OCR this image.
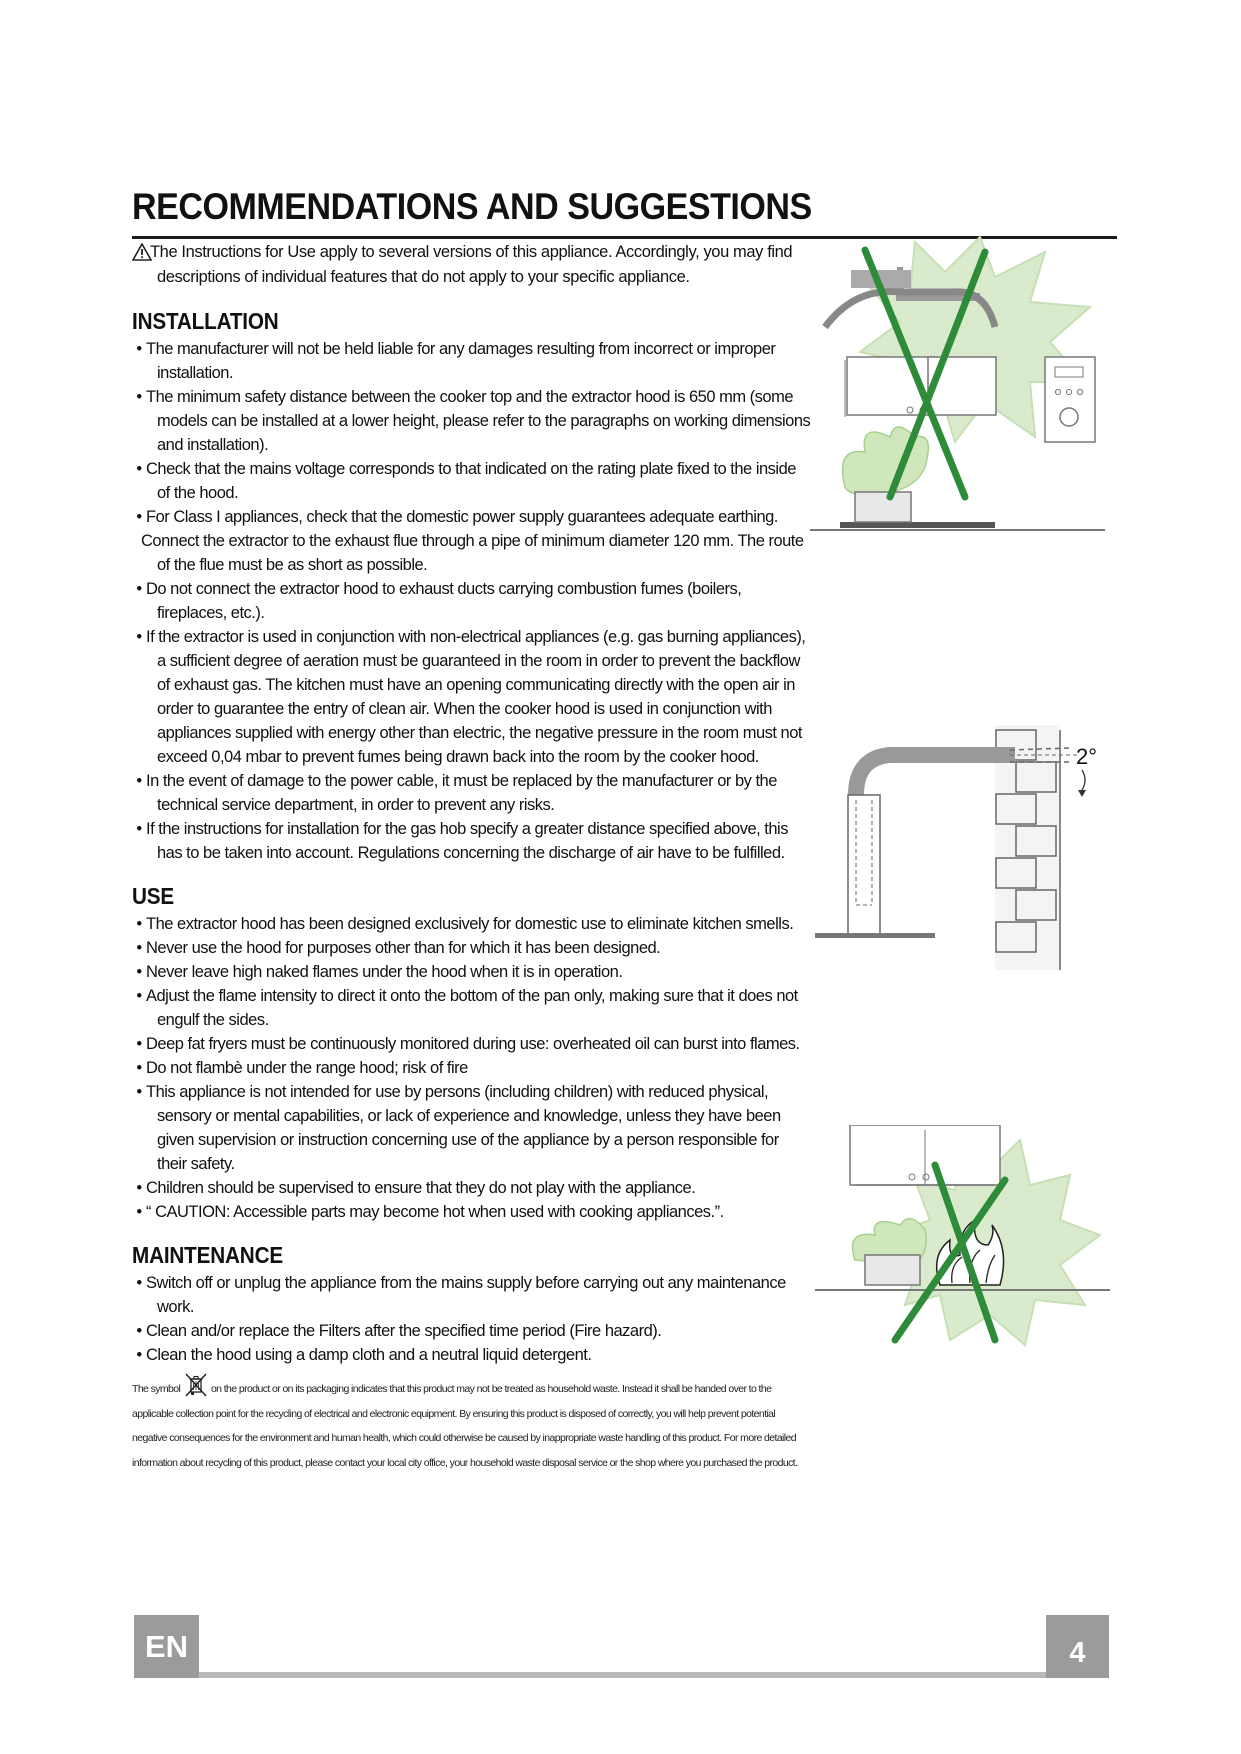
RECOMMENDATIONS AND SUGGESTIONS

The Instructions for Use apply to several versions of this appliance. Accordingly, you may find
descriptions of individual features that do not apply to your specific appliance.

INSTALLATION
• The manufacturer will not be held liable for any damages resulting from incorrect or improper installation.
• The minimum safety distance between the cooker top and the extractor hood is 650 mm (some models can be installed at a lower height, please refer to the paragraphs on working dimensions and installation).
• Check that the mains voltage corresponds to that indicated on the rating plate fixed to the inside of the hood.
• For Class I appliances, check that the domestic power supply guarantees adequate earthing.
Connect the extractor to the exhaust flue through a pipe of minimum diameter 120 mm. The route of the flue must be as short as possible.
• Do not connect the extractor hood to exhaust ducts carrying combustion fumes (boilers, fireplaces, etc.).
• If the extractor is used in conjunction with non-electrical appliances (e.g. gas burning appliances), a sufficient degree of aeration must be guaranteed in the room in order to prevent the backflow of exhaust gas. The kitchen must have an opening communicating directly with the open air in order to guarantee the entry of clean air. When the cooker hood is used in conjunction with appliances supplied with energy other than electric, the negative pressure in the room must not exceed 0,04 mbar to prevent fumes being drawn back into the room by the cooker hood.
• In the event of damage to the power cable, it must be replaced by the manufacturer or by the technical service department, in order to prevent any risks.
• If the instructions for installation for the gas hob specify a greater distance specified above, this has to be taken into account. Regulations concerning the discharge of air have to be fulfilled.
USE
• The extractor hood has been designed exclusively for domestic use to eliminate kitchen smells.
• Never use the hood for purposes other than for which it has been designed.
• Never leave high naked flames under the hood when it is in operation.
• Adjust the flame intensity to direct it onto the bottom of the pan only, making sure that it does not engulf the sides.
• Deep fat fryers must be continuously monitored during use: overheated oil can burst into flames.
• Do not flambè under the range hood; risk of fire
• This appliance is not intended for use by persons (including children) with reduced physical, sensory or mental capabilities, or lack of experience and knowledge, unless they have been given supervision or instruction concerning use of the appliance by a person responsible for their safety.
• Children should be supervised to ensure that they do not play with the appliance.
• “ CAUTION: Accessible parts may become hot when used with cooking appliances.”.
MAINTENANCE
• Switch off or unplug the appliance from the mains supply before carrying out any maintenance work.
• Clean and/or replace the Filters after the specified time period (Fire hazard).
• Clean the hood using a damp cloth and a neutral liquid detergent.
The symbol	on the product or on its packaging indicates that this product may not be treated as household waste. Instead it shall be handed over to the applicable collection point for the recycling of electrical and electronic equipment. By ensuring this product is disposed of correctly, you will help prevent potential negative consequences for the environment and human health, which could otherwise be caused by inappropriate waste handling of this product. For more detailed information about recycling of this product, please contact your local city office, your household waste disposal service or the shop where you purchased the product.
2°
EN	4
